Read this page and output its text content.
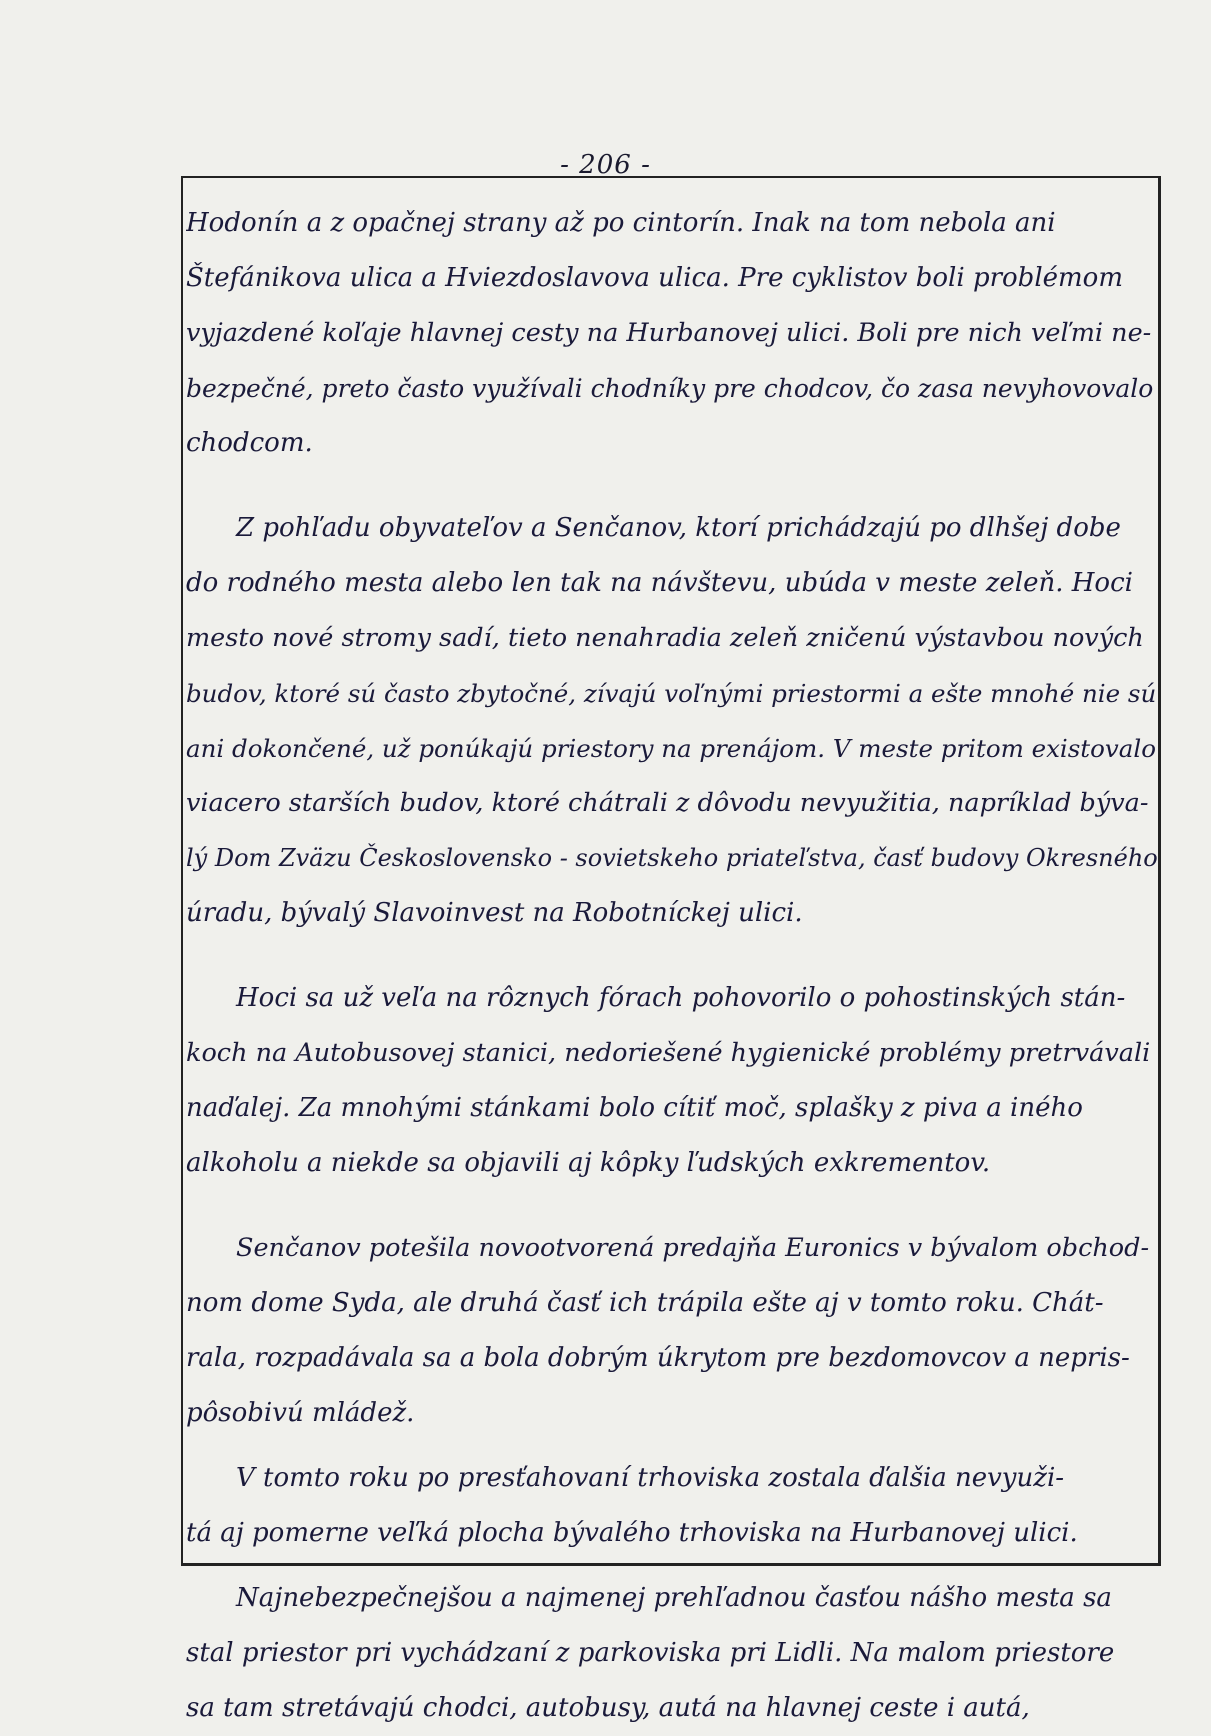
- 206 -
Hodonín a z opačnej strany až po cintorín. Inak na tom nebola ani
Štefánikova ulica a Hviezdoslavova ulica. Pre cyklistov boli problémom
vyjazdené koľaje hlavnej cesty na Hurbanovej ulici. Boli pre nich veľmi ne-
bezpečné, preto často využívali chodníky pre chodcov, čo zasa nevyhovovalo
chodcom.
Z pohľadu obyvateľov a Senčanov, ktorí prichádzajú po dlhšej dobe
do rodného mesta alebo len tak na návštevu, ubúda v meste zeleň. Hoci
mesto nové stromy sadí, tieto nenahradia zeleň zničenú výstavbou nových
budov, ktoré sú často zbytočné, zívajú voľnými priestormi a ešte mnohé nie sú
ani dokončené, už ponúkajú priestory na prenájom. V meste pritom existovalo
viacero starších budov, ktoré chátrali z dôvodu nevyužitia, napríklad býva-
lý Dom Zväzu Československo - sovietskeho priateľstva, časť budovy Okresného
úradu, bývalý Slavoinvest na Robotníckej ulici.
Hoci sa už veľa na rôznych fórach pohovorilo o pohostinských stán-
koch na Autobusovej stanici, nedoriešené hygienické problémy pretrvávali
naďalej. Za mnohými stánkami bolo cítiť moč, splašky z piva a iného
alkoholu a niekde sa objavili aj kôpky ľudských exkrementov.
Senčanov potešila novootvorená predajňa Euronics v bývalom obchod-
nom dome Syda, ale druhá časť ich trápila ešte aj v tomto roku. Chát-
rala, rozpadávala sa a bola dobrým úkrytom pre bezdomovcov a nepris-
pôsobivú mládež.
V tomto roku po presťahovaní trhoviska zostala ďalšia nevyuži-
tá aj pomerne veľká plocha bývalého trhoviska na Hurbanovej ulici.
Najnebezpečnejšou a najmenej prehľadnou časťou nášho mesta sa
stal priestor pri vychádzaní z parkoviska pri Lidli. Na malom priestore
sa tam stretávajú chodci, autobusy, autá na hlavnej ceste i autá,
